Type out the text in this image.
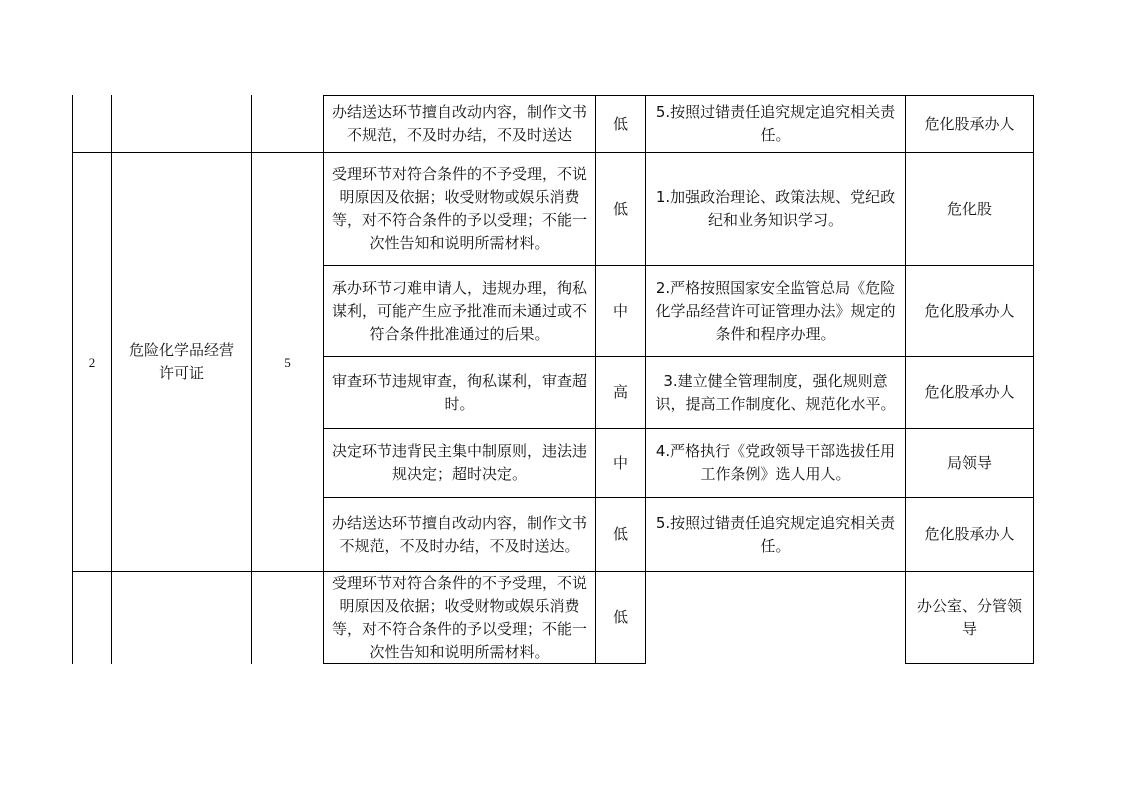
办结送达环节擅自改动内容，制作文书不规范，不及时办结，不及时送达
低
5.按照过错责任追究规定追究相关责任。
危化股承办人
2
危险化学品经营许可证
5
受理环节对符合条件的不予受理，不说明原因及依据；收受财物或娱乐消费等，对不符合条件的予以受理；不能一次性告知和说明所需材料。
低
1.加强政治理论、政策法规、党纪政纪和业务知识学习。
危化股
承办环节刁难申请人，违规办理，徇私谋利，可能产生应予批准而未通过或不符合条件批准通过的后果。
中
2.严格按照国家安全监管总局《危险化学品经营许可证管理办法》规定的条件和程序办理。
危化股承办人
审查环节违规审查，徇私谋利，审查超时。
高
3.建立健全管理制度，强化规则意识，提高工作制度化、规范化水平。
危化股承办人
决定环节违背民主集中制原则，违法违规决定；超时决定。
中
4.严格执行《党政领导干部选拔任用工作条例》选人用人。
局领导
办结送达环节擅自改动内容，制作文书不规范，不及时办结，不及时送达。
低
5.按照过错责任追究规定追究相关责任。
危化股承办人
受理环节对符合条件的不予受理，不说明原因及依据；收受财物或娱乐消费等，对不符合条件的予以受理；不能一次性告知和说明所需材料。
低
办公室、分管领导
